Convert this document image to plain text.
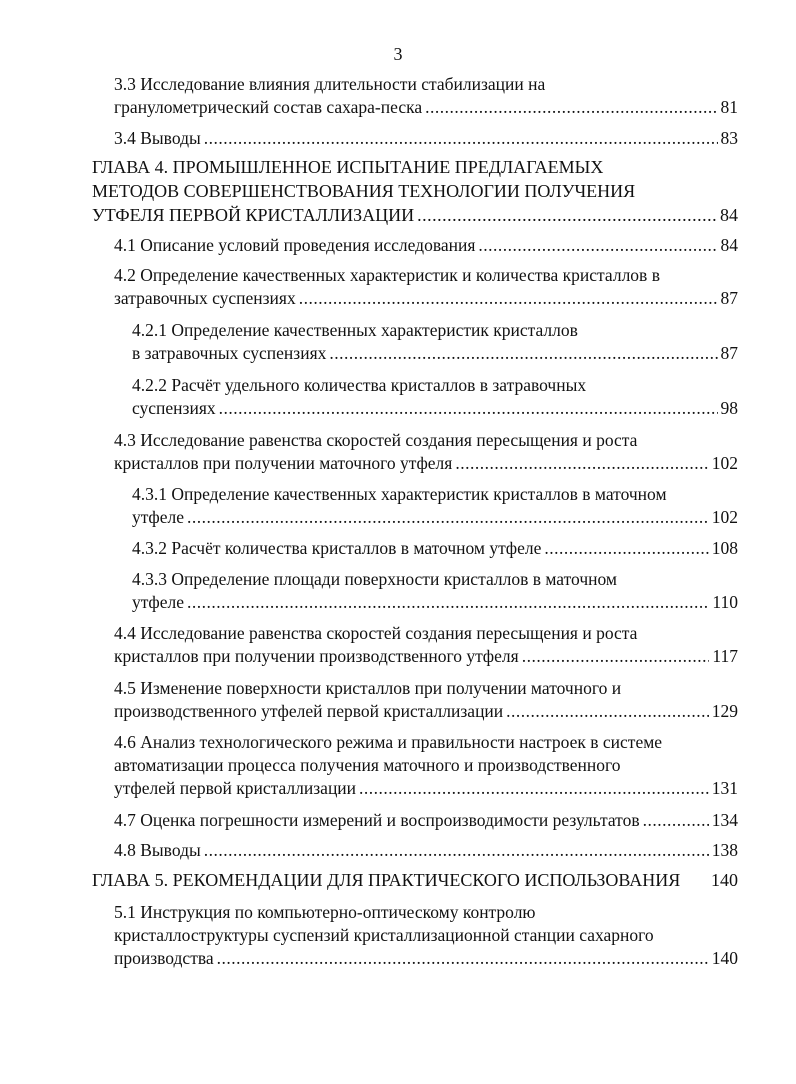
3
3.3 Исследование влияния длительности стабилизации на
гранулометрический состав сахара-песка .....	81
3.4 Выводы .....	83
ГЛАВА 4. ПРОМЫШЛЕННОЕ ИСПЫТАНИЕ ПРЕДЛАГАЕМЫХ
МЕТОДОВ СОВЕРШЕНСТВОВАНИЯ ТЕХНОЛОГИИ ПОЛУЧЕНИЯ
УТФЕЛЯ ПЕРВОЙ КРИСТАЛЛИЗАЦИИ .....	84
4.1 Описание условий проведения исследования .....	84
4.2 Определение качественных характеристик и количества кристаллов в
затравочных суспензиях .....	87
4.2.1 Определение качественных характеристик кристаллов
в затравочных суспензиях .....	87
4.2.2 Расчёт удельного количества кристаллов в затравочных
суспензиях .....	98
4.3 Исследование равенства скоростей создания пересыщения и роста
кристаллов при получении маточного утфеля .....	102
4.3.1 Определение качественных характеристик кристаллов в маточном
утфеле .....	102
4.3.2 Расчёт количества кристаллов в маточном утфеле .....	108
4.3.3 Определение площади поверхности кристаллов в маточном
утфеле .....	110
4.4 Исследование равенства скоростей создания пересыщения и роста
кристаллов при получении производственного утфеля .....	117
4.5 Изменение поверхности кристаллов при получении маточного и
производственного утфелей первой кристаллизации .....	129
4.6 Анализ технологического режима и правильности настроек в системе
автоматизации процесса получения маточного и производственного
утфелей первой кристаллизации .....	131
4.7 Оценка погрешности измерений и воспроизводимости результатов .....	134
4.8 Выводы .....	138
ГЛАВА 5. РЕКОМЕНДАЦИИ ДЛЯ ПРАКТИЧЕСКОГО ИСПОЛЬЗОВАНИЯ 140
5.1 Инструкция по компьютерно-оптическому контролю
кристаллоструктуры суспензий кристаллизационной станции сахарного
производства .....	140
